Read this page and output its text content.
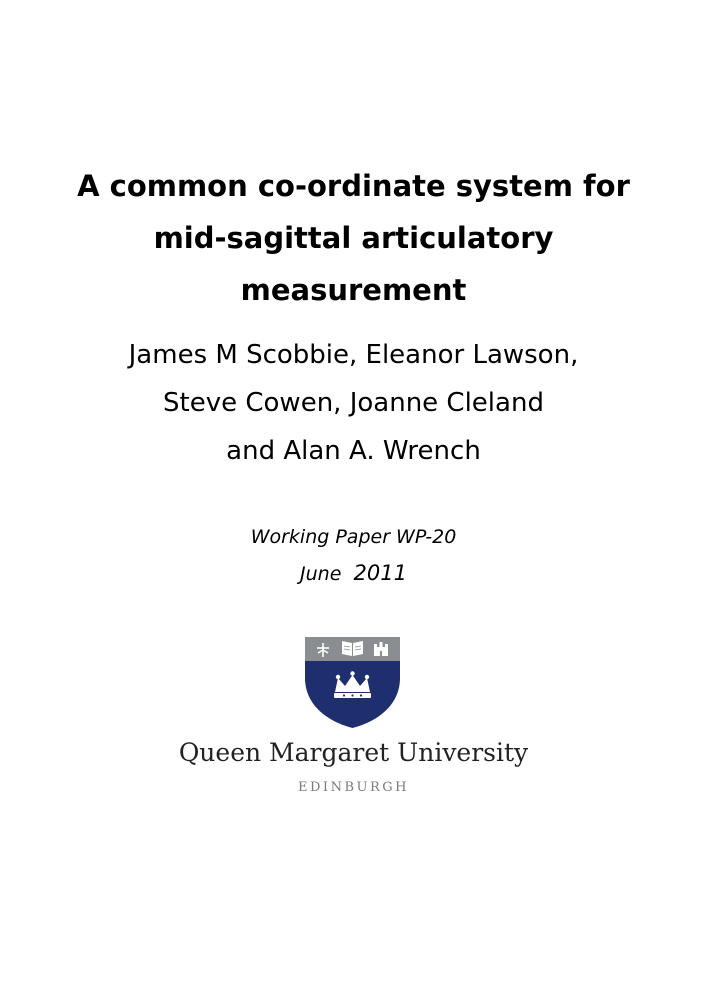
A common co-ordinate system for
mid-sagittal articulatory
measurement
James M Scobbie, Eleanor Lawson,
Steve Cowen, Joanne Cleland
and Alan A. Wrench
Working Paper WP-20
June 2011
Queen Margaret University
EDINBURGH
